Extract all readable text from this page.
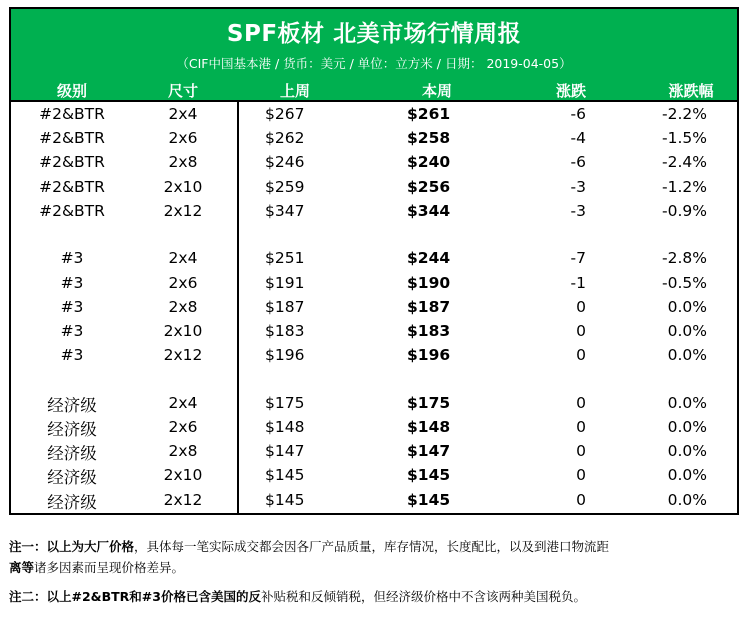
SPF板材 北美市场行情周报
（CIF中国基本港 / 货币：美元 / 单位：立方米 / 日期： 2019-04-05）
级别	尺寸	上周	本周	涨跌	涨跌幅
#2&BTR	2x4	$267	$261	-6	-2.2%
#2&BTR	2x6	$262	$258	-4	-1.5%
#2&BTR	2x8	$246	$240	-6	-2.4%
#2&BTR	2x10	$259	$256	-3	-1.2%
#2&BTR	2x12	$347	$344	-3	-0.9%
#3	2x4	$251	$244	-7	-2.8%
#3	2x6	$191	$190	-1	-0.5%
#3	2x8	$187	$187	0	0.0%
#3	2x10	$183	$183	0	0.0%
#3	2x12	$196	$196	0	0.0%
经济级	2x4	$175	$175	0	0.0%
经济级	2x6	$148	$148	0	0.0%
经济级	2x8	$147	$147	0	0.0%
经济级	2x10	$145	$145	0	0.0%
经济级	2x12	$145	$145	0	0.0%

注一：以上为大厂价格，具体每一笔实际成交都会因各厂产品质量，库存情况，长度配比，以及到港口物流距
离等诸多因素而呈现价格差异。

注二：以上#2&BTR和#3价格已含美国的反补贴税和反倾销税，但经济级价格中不含该两种美国税负。
